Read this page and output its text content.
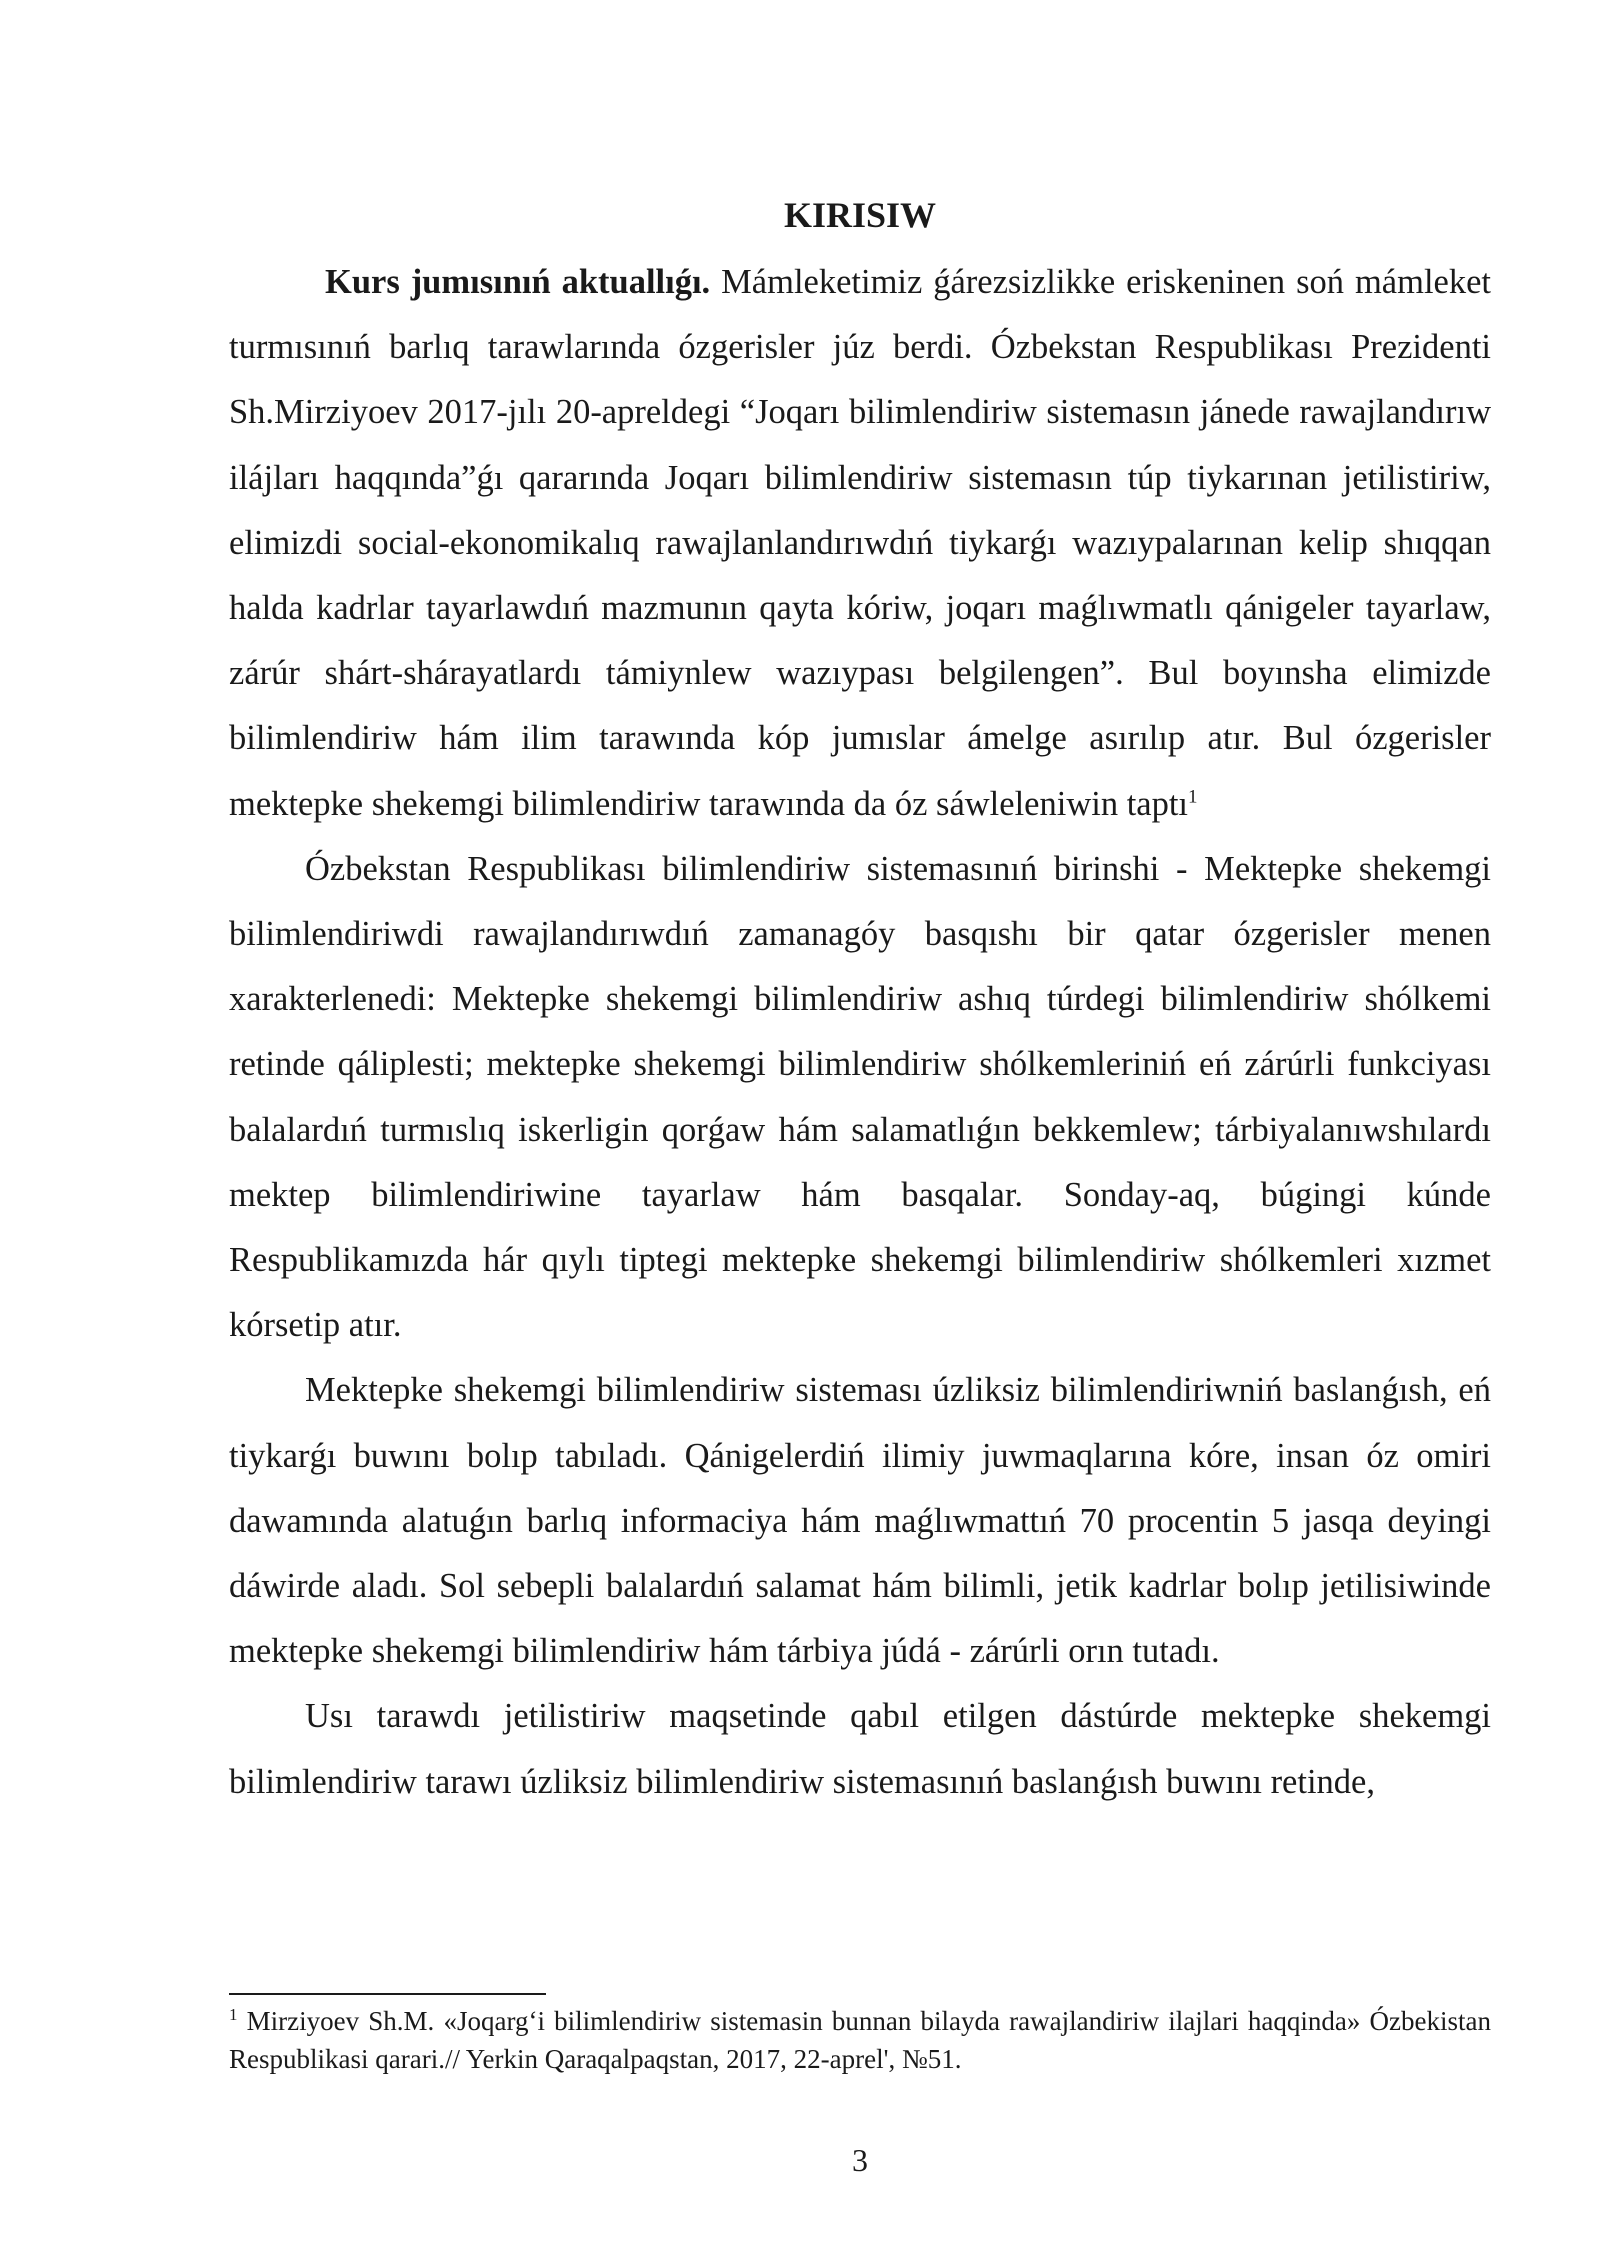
KIRISIW

Kurs jumısınıń aktuallıǵı. Mámleketimiz ǵárezsizlikke eriskeninen soń mámleket turmısınıń barlıq tarawlarında ózgerisler júz berdi. Ózbekstan Respublikası Prezidenti Sh.Mirziyoev 2017-jılı 20-apreldegi “Joqarı bilimlendiriw sistemasın jánede rawajlandırıw ilájları haqqında”ǵı qararında Joqarı bilimlendiriw sistemasın túp tiykarınan jetilistiriw, elimizdi social-ekonomikalıq rawajlanlandırıwdıń tiykarǵı wazıypalarınan kelip shıqqan halda kadrlar tayarlawdıń mazmunın qayta kóriw, joqarı maǵlıwmatlı qánigeler tayarlaw, zárúr shárt-shárayatlardı támiynlew wazıypası belgilengen”. Bul boyınsha elimizde bilimlendiriw hám ilim tarawında kóp jumıslar ámelge asırılıp atır. Bul ózgerisler mektepke shekemgi bilimlendiriw tarawında da óz sáwleleniwin taptı$^1$

Ózbekstan Respublikası bilimlendiriw sistemasınıń birinshi - Mektepke shekemgi bilimlendiriwdi rawajlandırıwdıń zamanagóy basqıshı bir qatar ózgerisler menen xarakterlenedi: Mektepke shekemgi bilimlendiriw ashıq túrdegi bilimlendiriw shólkemi retinde qáliplesti; mektepke shekemgi bilimlendiriw shólkemleriniń eń zárúrli funkciyası balalardıń turmıslıq iskerligin qorǵaw hám salamatlıǵın bekkemlew; tárbiyalanıwshılardı mektep bilimlendiriwine tayarlaw hám basqalar. Sonday-aq, búgingi kúnde Respublikamızda hár qıylı tiptegi mektepke shekemgi bilimlendiriw shólkemleri xızmet kórsetip atır.

Mektepke shekemgi bilimlendiriw sisteması úzliksiz bilimlendiriwniń baslanǵısh, eń tiykarǵı buwını bolıp tabıladı. Qánigelerdiń ilimiy juwmaqlarına kóre, insan óz omiri dawamında alatuǵın barlıq informaciya hám maǵlıwmattıń 70 procentin 5 jasqa deyingi dáwirde aladı. Sol sebepli balalardıń salamat hám bilimli, jetik kadrlar bolıp jetilisiwinde mektepke shekemgi bilimlendiriw hám tárbiya júdá - zárúrli orın tutadı.

Usı tarawdı jetilistiriw maqsetinde qabıl etilgen dástúrde mektepke shekemgi bilimlendiriw tarawı úzliksiz bilimlendiriw sistemasınıń baslanǵısh buwını retinde,

$^1$ Mirziyoev Sh.M. «Joqarg‘i bilimlendiriw sistemasin bunnan bilayda rawajlandiriw ilajlari haqqinda» Ózbekistan Respublikasi qarari.// Yerkin Qaraqalpaqstan, 2017, 22-aprel', №51.
3
